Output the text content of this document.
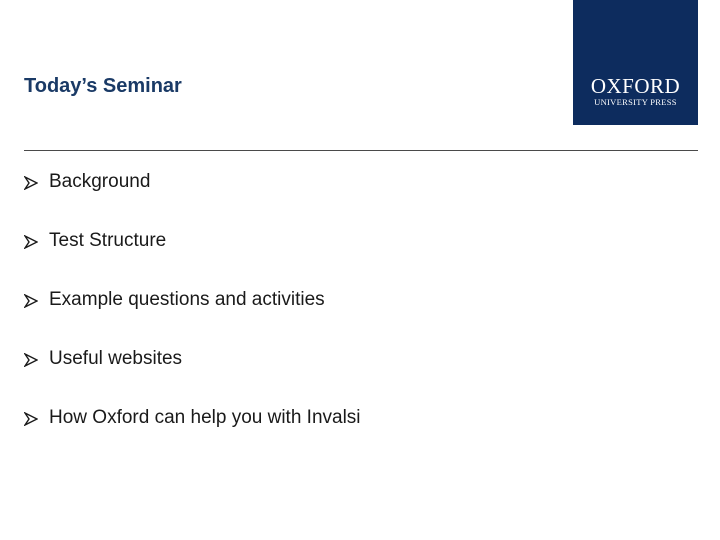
Today’s Seminar	OXFORD
UNIVERSITY PRESS
Background
Test Structure
Example questions and activities
Useful websites
How Oxford can help you with Invalsi
